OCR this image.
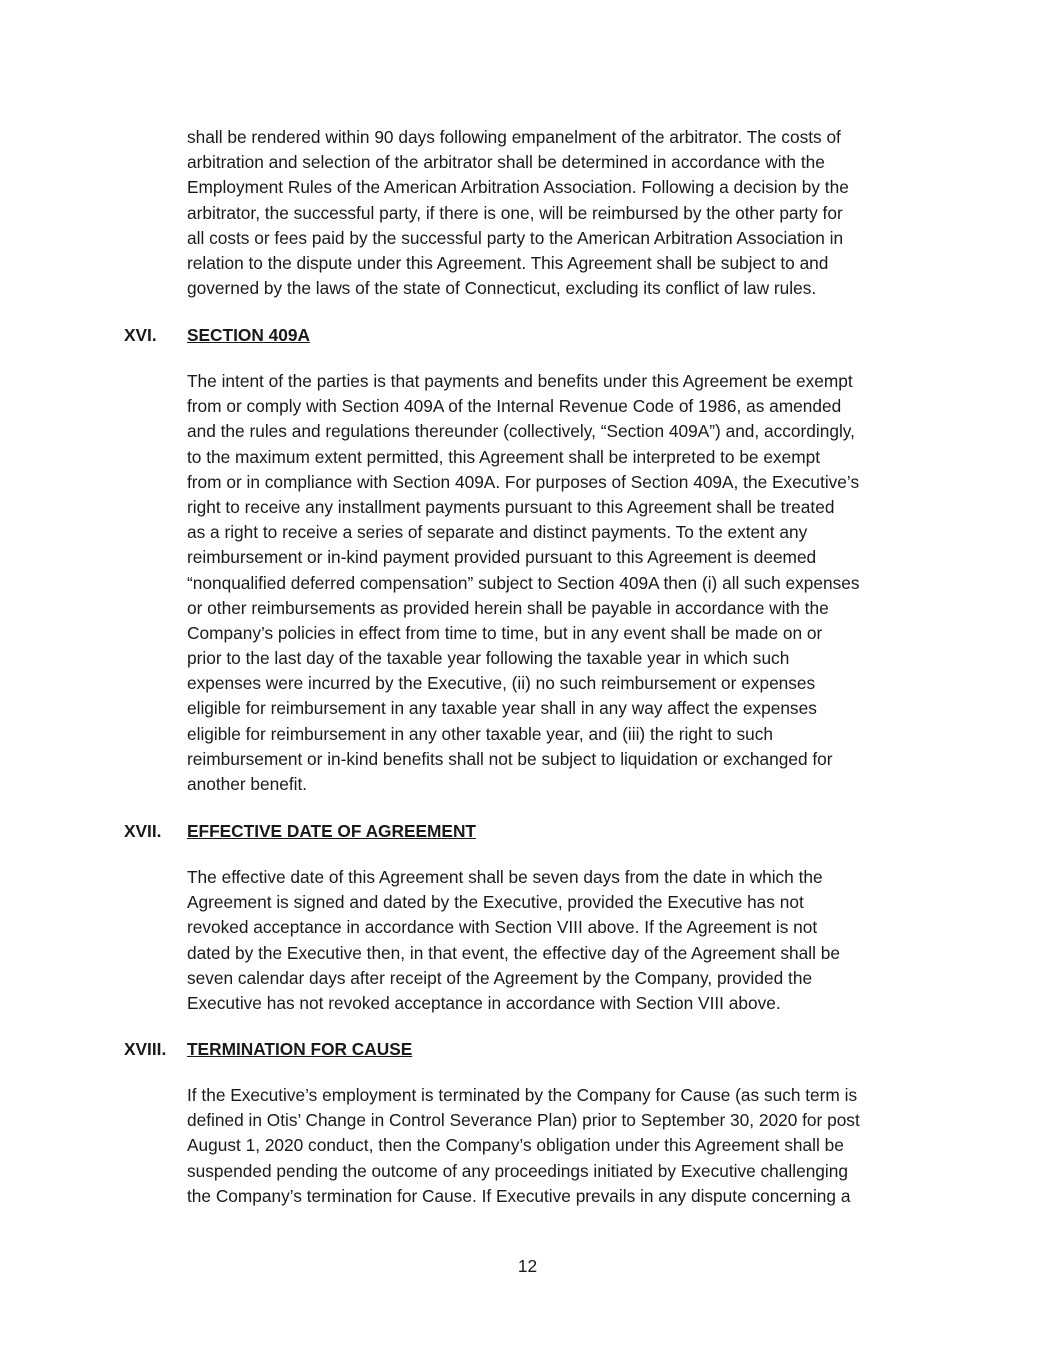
shall be rendered within 90 days following empanelment of the arbitrator. The costs of
arbitration and selection of the arbitrator shall be determined in accordance with the
Employment Rules of the American Arbitration Association. Following a decision by the
arbitrator, the successful party, if there is one, will be reimbursed by the other party for
all costs or fees paid by the successful party to the American Arbitration Association in
relation to the dispute under this Agreement. This Agreement shall be subject to and
governed by the laws of the state of Connecticut, excluding its conflict of law rules.
XVI. SECTION 409A
The intent of the parties is that payments and benefits under this Agreement be exempt
from or comply with Section 409A of the Internal Revenue Code of 1986, as amended
and the rules and regulations thereunder (collectively, “Section 409A”) and, accordingly,
to the maximum extent permitted, this Agreement shall be interpreted to be exempt
from or in compliance with Section 409A. For purposes of Section 409A, the Executive’s
right to receive any installment payments pursuant to this Agreement shall be treated
as a right to receive a series of separate and distinct payments. To the extent any
reimbursement or in-kind payment provided pursuant to this Agreement is deemed
“nonqualified deferred compensation” subject to Section 409A then (i) all such expenses
or other reimbursements as provided herein shall be payable in accordance with the
Company’s policies in effect from time to time, but in any event shall be made on or
prior to the last day of the taxable year following the taxable year in which such
expenses were incurred by the Executive, (ii) no such reimbursement or expenses
eligible for reimbursement in any taxable year shall in any way affect the expenses
eligible for reimbursement in any other taxable year, and (iii) the right to such
reimbursement or in-kind benefits shall not be subject to liquidation or exchanged for
another benefit.
XVII. EFFECTIVE DATE OF AGREEMENT
The effective date of this Agreement shall be seven days from the date in which the
Agreement is signed and dated by the Executive, provided the Executive has not
revoked acceptance in accordance with Section VIII above. If the Agreement is not
dated by the Executive then, in that event, the effective day of the Agreement shall be
seven calendar days after receipt of the Agreement by the Company, provided the
Executive has not revoked acceptance in accordance with Section VIII above.
XVIII. TERMINATION FOR CAUSE
If the Executive’s employment is terminated by the Company for Cause (as such term is
defined in Otis’ Change in Control Severance Plan) prior to September 30, 2020 for post
August 1, 2020 conduct, then the Company’s obligation under this Agreement shall be
suspended pending the outcome of any proceedings initiated by Executive challenging
the Company’s termination for Cause. If Executive prevails in any dispute concerning a
12
